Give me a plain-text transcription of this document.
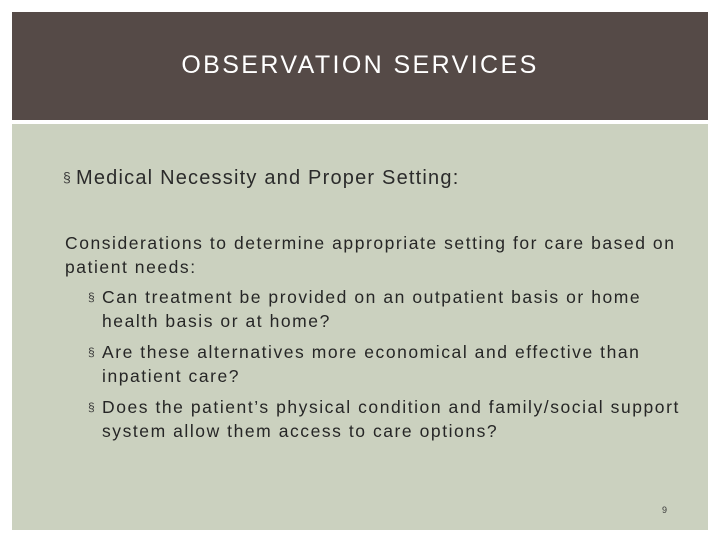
OBSERVATION SERVICES
§ Medical Necessity and Proper Setting:
Considerations to determine appropriate setting for care based on patient needs:
§ Can treatment be provided on an outpatient basis or home health basis or at home?
§ Are these alternatives more economical and effective than inpatient care?
§ Does the patient’s physical condition and family/social support system allow them access to care options?
9
